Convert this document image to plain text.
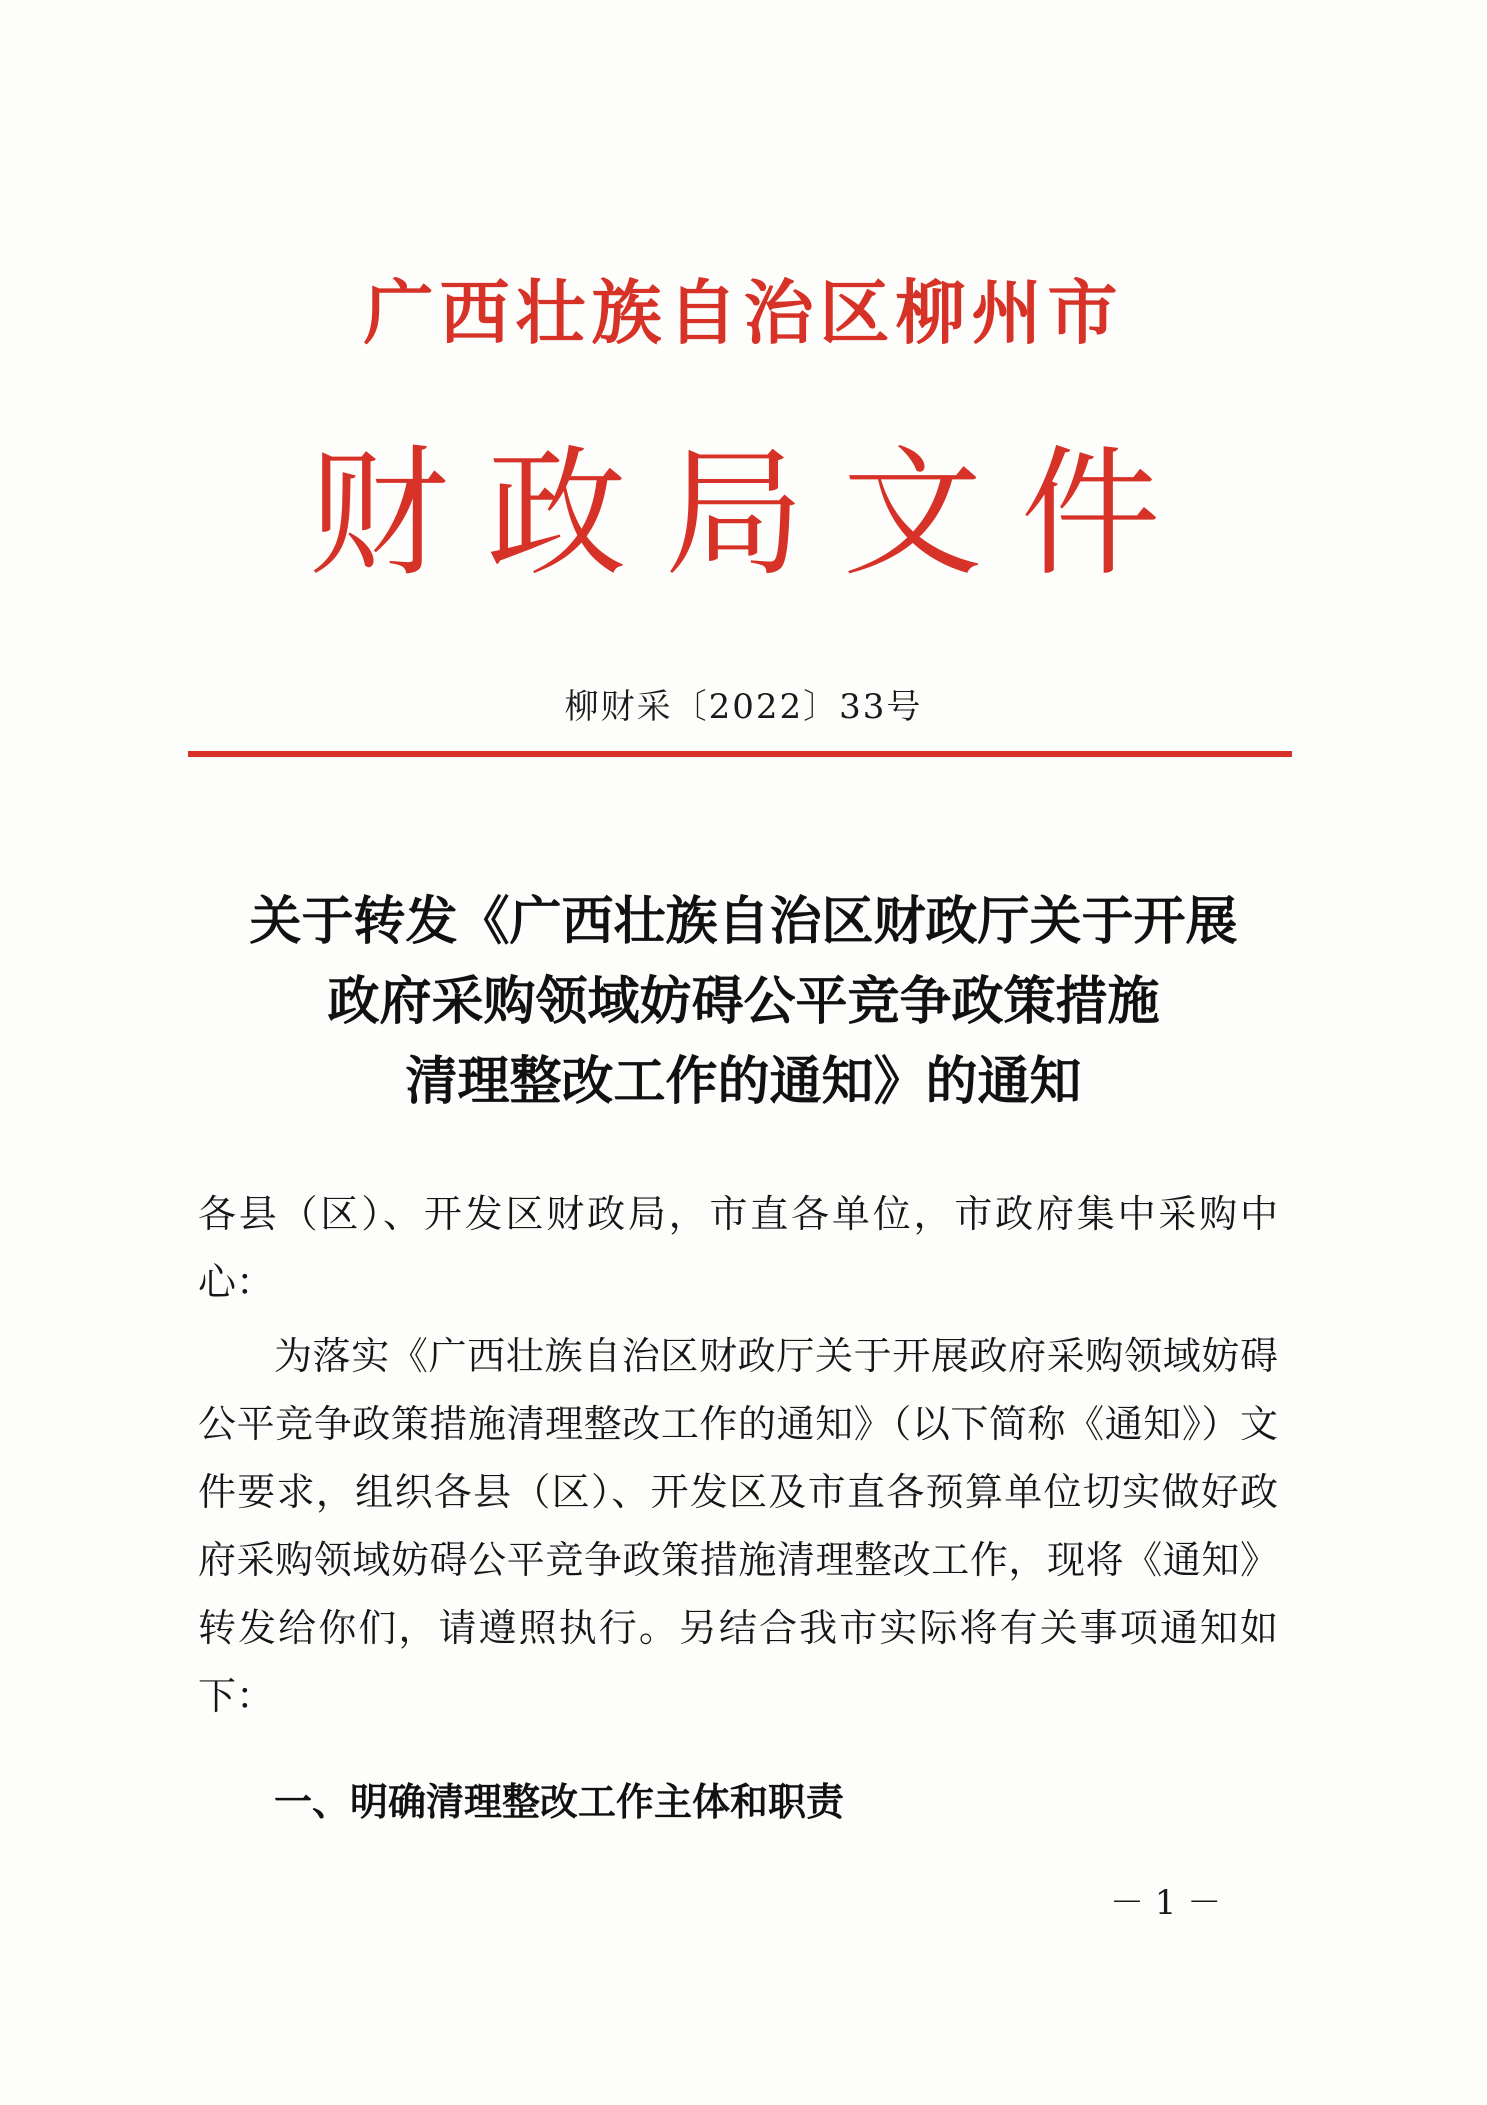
广西壮族自治区柳州市
财政局文件
柳财采〔2022〕33号
关于转发《广西壮族自治区财政厅关于开展
政府采购领域妨碍公平竞争政策措施
清理整改工作的通知》的通知
各县（区）、开发区财政局，市直各单位，市政府集中采购中心：
为落实《广西壮族自治区财政厅关于开展政府采购领域妨碍公平竞争政策措施清理整改工作的通知》（以下简称《通知》）文件要求，组织各县（区）、开发区及市直各预算单位切实做好政府采购领域妨碍公平竞争政策措施清理整改工作，现将《通知》转发给你们，请遵照执行。另结合我市实际将有关事项通知如下：
一、明确清理整改工作主体和职责
－ 1 －
